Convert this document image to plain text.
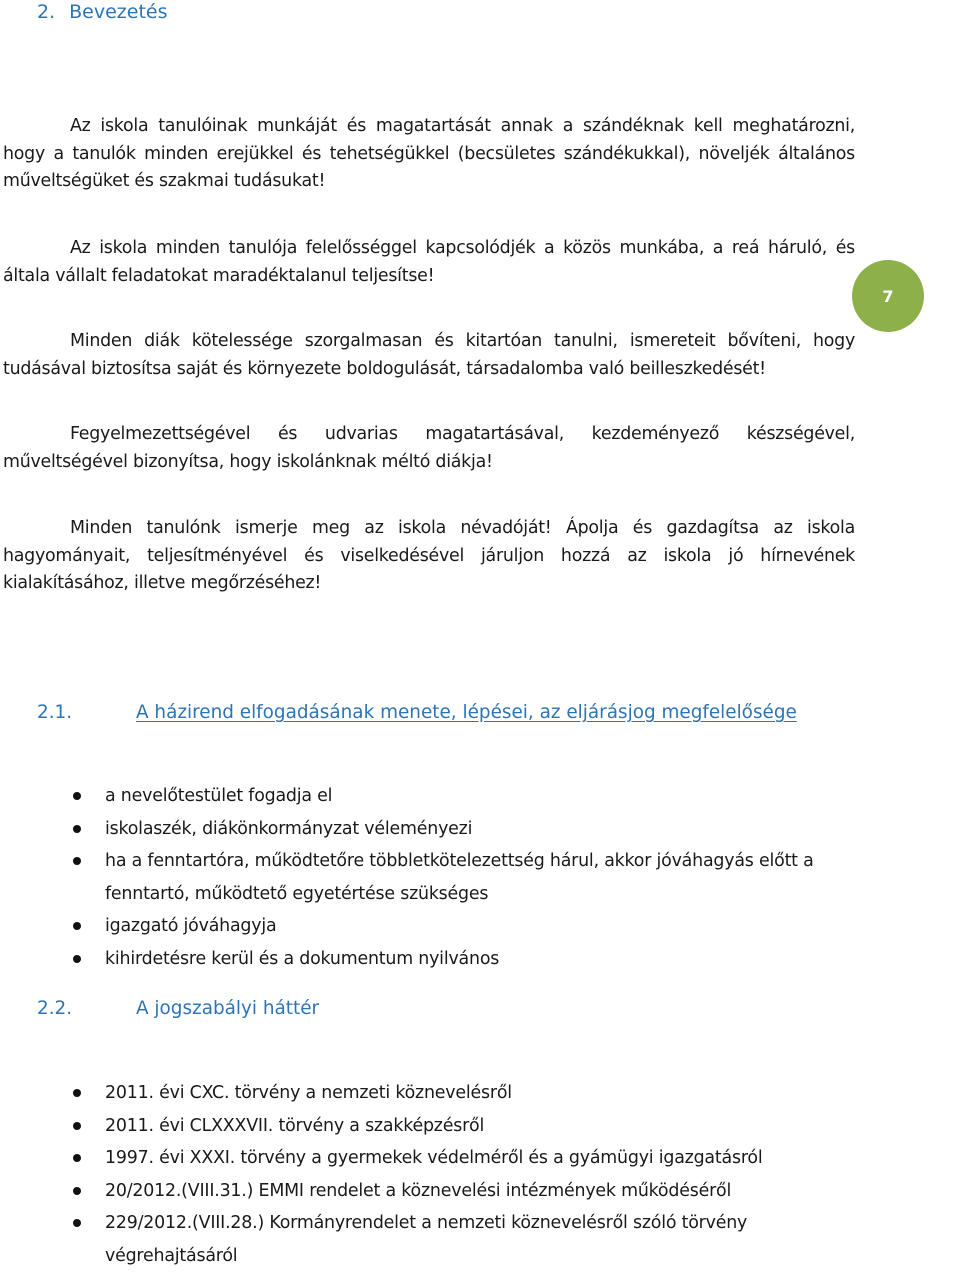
2. Bevezetés

Az iskola tanulóinak munkáját és magatartását annak a szándéknak kell meghatározni, hogy a tanulók minden erejükkel és tehetségükkel (becsületes szándékukkal), növeljék általános műveltségüket és szakmai tudásukat!

Az iskola minden tanulója felelősséggel kapcsolódjék a közös munkába, a reá háruló, és általa vállalt feladatokat maradéktalanul teljesítse!

Minden diák kötelessége szorgalmasan és kitartóan tanulni, ismereteit bővíteni, hogy tudásával biztosítsa saját és környezete boldogulását, társadalomba való beilleszkedését!

Fegyelmezettségével és udvarias magatartásával, kezdeményező készségével, műveltségével bizonyítsa, hogy iskolánknak méltó diákja!

Minden tanulónk ismerje meg az iskola névadóját! Ápolja és gazdagítsa az iskola hagyományait, teljesítményével és viselkedésével járuljon hozzá az iskola jó hírnevének kialakításához, illetve megőrzéséhez!

7
2.1.	A házirend elfogadásának menete, lépései, az eljárásjog megfelelősége
a nevelőtestület fogadja el
iskolaszék, diákönkormányzat véleményezi
ha a fenntartóra, működtetőre többletkötelezettség hárul, akkor jóváhagyás előtt a fenntartó, működtető egyetértése szükséges
igazgató jóváhagyja
kihirdetésre kerül és a dokumentum nyilvános
2.2.	A jogszabályi háttér
2011. évi CXC. törvény a nemzeti köznevelésről
2011. évi CLXXXVII. törvény a szakképzésről
1997. évi XXXI. törvény a gyermekek védelméről és a gyámügyi igazgatásról
20/2012.(VIII.31.) EMMI rendelet a köznevelési intézmények működéséről
229/2012.(VIII.28.) Kormányrendelet a nemzeti köznevelésről szóló törvény végrehajtásáról
